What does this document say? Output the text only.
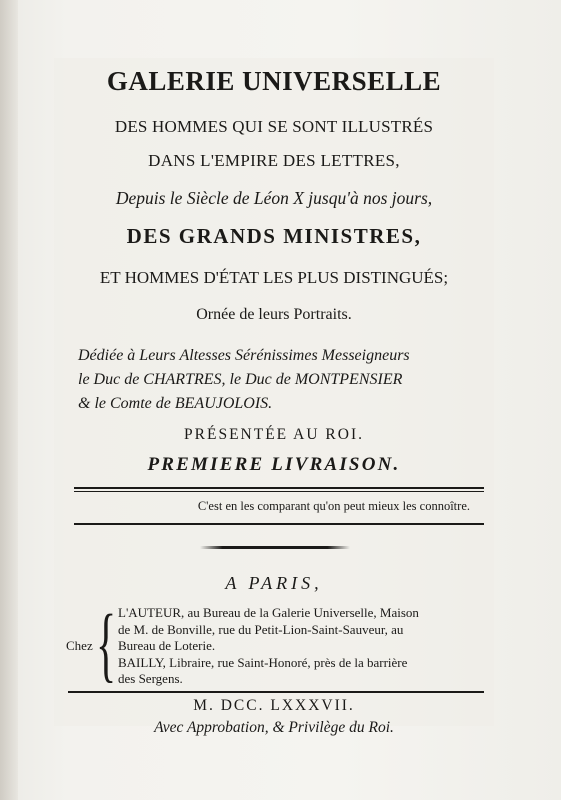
GALERIE UNIVERSELLE
DES HOMMES QUI SE SONT ILLUSTRÉS
DANS L'EMPIRE DES LETTRES,
Depuis le Siècle de Léon X jusqu'à nos jours,
DES GRANDS MINISTRES,
ET HOMMES D'ÉTAT LES PLUS DISTINGUÉS;
Ornée de leurs Portraits.
Dédiée à Leurs Altesses Sérénissimes Messeigneurs
le Duc de CHARTRES, le Duc de MONTPENSIER
& le Comte de BEAUJOLOIS.
PRÉSENTÉE AU ROI.
PREMIERE LIVRAISON.
C'est en les comparant qu'on peut mieux les connoître.
A PARIS,
Chez { L'AUTEUR, au Bureau de la Galerie Universelle, Maison
de M. de Bonville, rue du Petit-Lion-Saint-Sauveur, au
Bureau de Loterie.
BAILLY, Libraire, rue Saint-Honoré, près de la barrière
des Sergens.
M. DCC. LXXXVII.
Avec Approbation, & Privilège du Roi.
